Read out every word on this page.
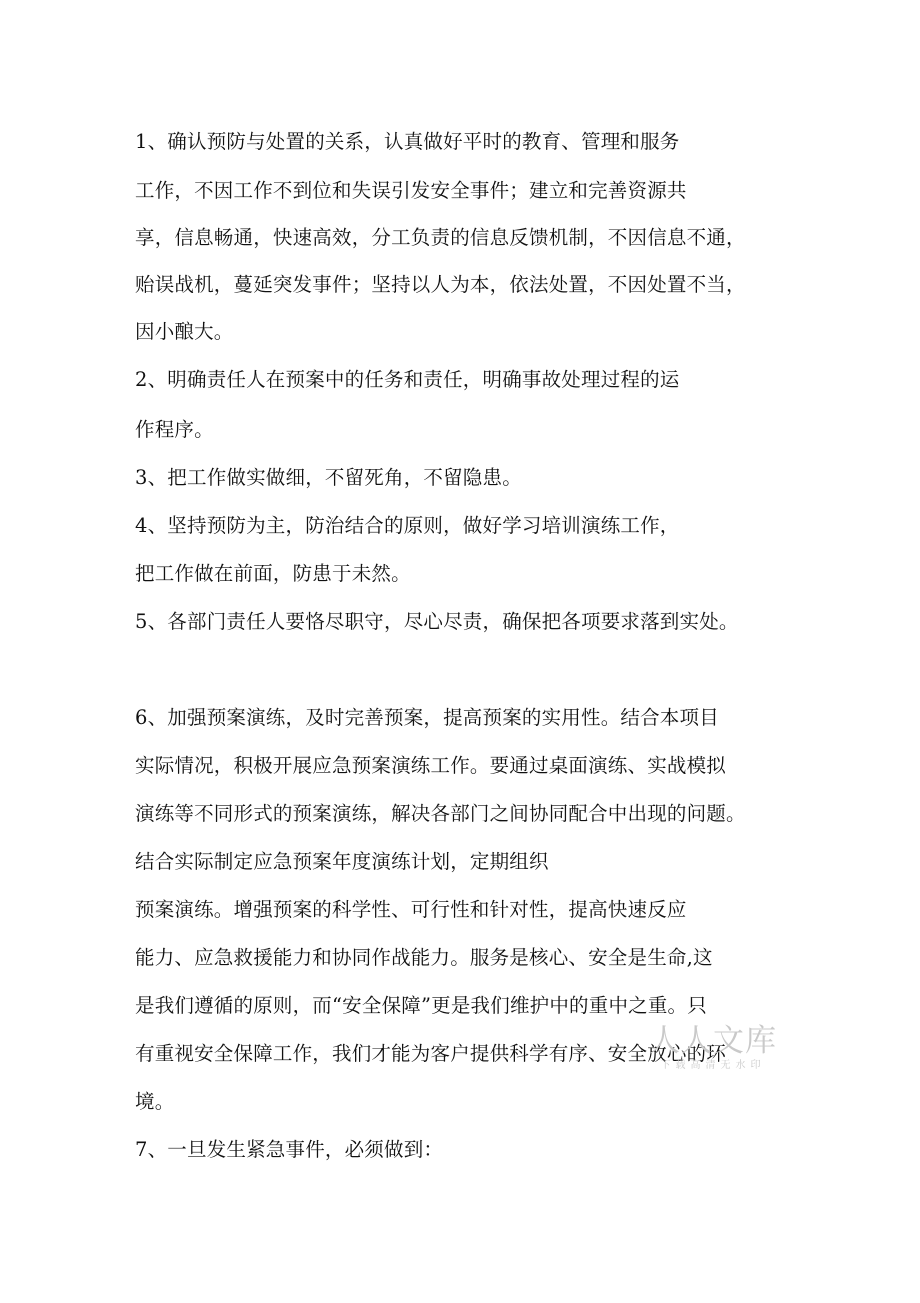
1、确认预防与处置的关系，认真做好平时的教育、管理和服务
工作，不因工作不到位和失误引发安全事件；建立和完善资源共
享，信息畅通，快速高效，分工负责的信息反馈机制，不因信息不通，
贻误战机，蔓延突发事件；坚持以人为本，依法处置，不因处置不当，
因小酿大。
2、明确责任人在预案中的任务和责任，明确事故处理过程的运
作程序。
3、把工作做实做细，不留死角，不留隐患。
4、坚持预防为主，防治结合的原则，做好学习培训演练工作，
把工作做在前面，防患于未然。
5、各部门责任人要恪尽职守，尽心尽责，确保把各项要求落到实处。
6、加强预案演练，及时完善预案，提高预案的实用性。结合本项目
实际情况，积极开展应急预案演练工作。要通过桌面演练、实战模拟
演练等不同形式的预案演练，解决各部门之间协同配合中出现的问题。
结合实际制定应急预案年度演练计划，定期组织
预案演练。增强预案的科学性、可行性和针对性，提高快速反应
能力、应急救援能力和协同作战能力。服务是核心、安全是生命,这
是我们遵循的原则，而“安全保障”更是我们维护中的重中之重。只
有重视安全保障工作，我们才能为客户提供科学有序、安全放心的环
境。
7、一旦发生紧急事件，必须做到：
人人文库
下载高清无水印
